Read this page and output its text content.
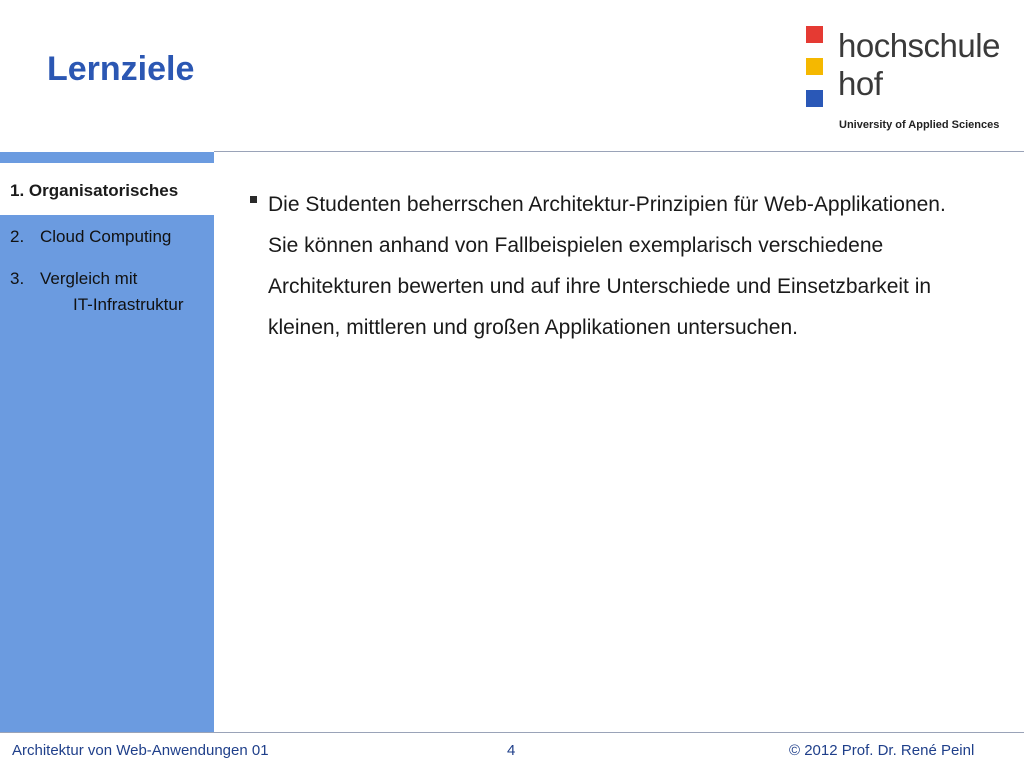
Lernziele
hochschule
hof
University of Applied Sciences
1. Organisatorisches
2. Cloud Computing
3. Vergleich mit
IT-Infrastruktur
Die Studenten beherrschen Architektur-Prinzipien für Web-Applikationen. Sie können anhand von Fallbeispielen exemplarisch verschiedene Architekturen bewerten und auf ihre Unterschiede und Einsetzbarkeit in kleinen, mittleren und großen Applikationen untersuchen.
Architektur von Web-Anwendungen 01	4	© 2012 Prof. Dr. René Peinl
